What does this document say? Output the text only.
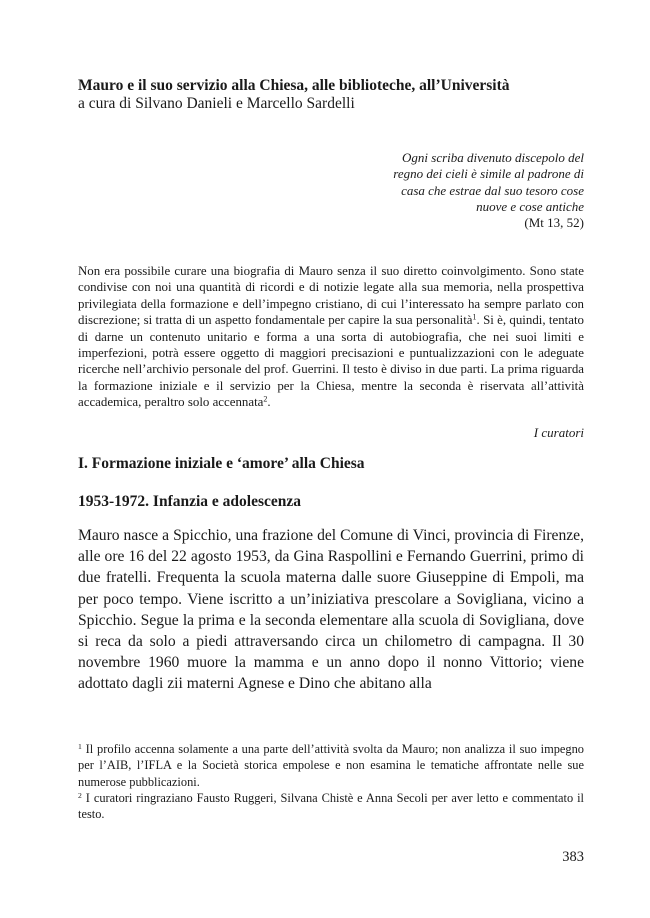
Mauro e il suo servizio alla Chiesa, alle biblioteche, all’Università
a cura di Silvano Danieli e Marcello Sardelli
Ogni scriba divenuto discepolo del
regno dei cieli è simile al padrone di
casa che estrae dal suo tesoro cose
nuove e cose antiche
(Mt 13, 52)

Non era possibile curare una biografia di Mauro senza il suo diretto coinvolgimento. Sono state condivise con noi una quantità di ricordi e di notizie legate alla sua memoria, nella prospettiva privilegiata della formazione e dell’impegno cristiano, di cui l’interessato ha sempre parlato con discrezione; si tratta di un aspetto fondamentale per capire la sua personalità$^1$. Si è, quindi, tentato di darne un contenuto unitario e forma a una sorta di autobiografia, che nei suoi limiti e imperfezioni, potrà essere oggetto di maggiori precisazioni e puntualizzazioni con le adeguate ricerche nell’archivio personale del prof. Guerrini. Il testo è diviso in due parti. La prima riguarda la formazione iniziale e il servizio per la Chiesa, mentre la seconda è riservata all’attività accademica, peraltro solo accennata$^2$.

I curatori
I. Formazione iniziale e ‘amore’ alla Chiesa
1953-1972. Infanzia e adolescenza

Mauro nasce a Spicchio, una frazione del Comune di Vinci, provincia di Firenze, alle ore 16 del 22 agosto 1953, da Gina Raspollini e Fernando Guerrini, primo di due fratelli. Frequenta la scuola materna dalle suore Giuseppine di Empoli, ma per poco tempo. Viene iscritto a un’iniziativa prescolare a Sovigliana, vicino a Spicchio. Segue la prima e la seconda elementare alla scuola di Sovigliana, dove si reca da solo a piedi attraversando circa un chilometro di campagna. Il 30 novembre 1960 muore la mamma e un anno dopo il nonno Vittorio; viene adottato dagli zii materni Agnese e Dino che abitano alla

$^1$ Il profilo accenna solamente a una parte dell’attività svolta da Mauro; non analizza il suo impegno per l’AIB, l’IFLA e la Società storica empolese e non esamina le tematiche affrontate nelle sue numerose pubblicazioni.

$^2$ I curatori ringraziano Fausto Ruggeri, Silvana Chistè e Anna Secoli per aver letto e commentato il testo.

383
